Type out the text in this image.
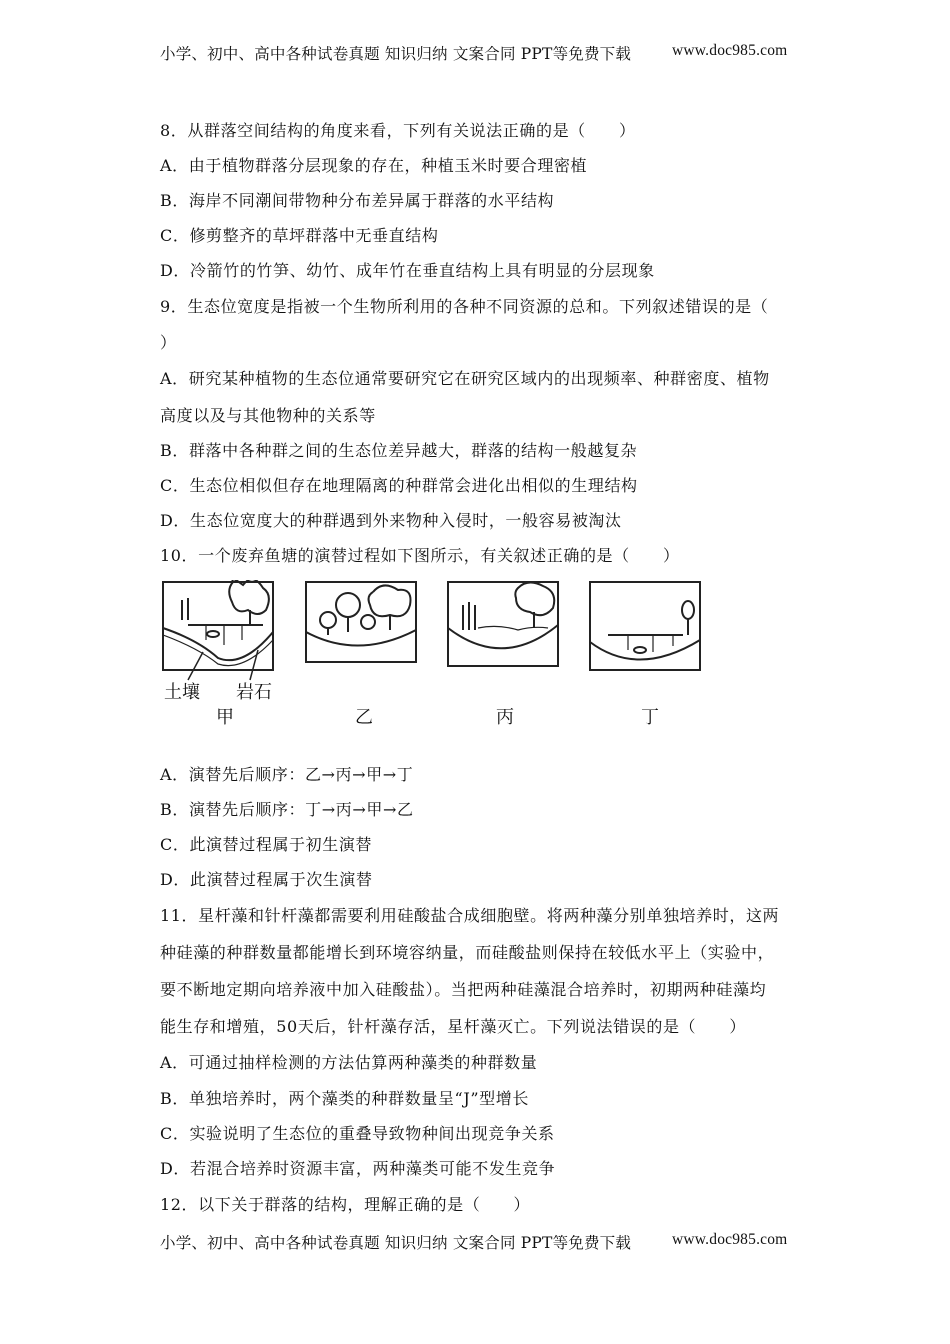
小学、初中、高中各种试卷真题 知识归纳 文案合同 PPT等免费下载	www.doc985.com
8．从群落空间结构的角度来看，下列有关说法正确的是（　　）
A．由于植物群落分层现象的存在，种植玉米时要合理密植
B．海岸不同潮间带物种分布差异属于群落的水平结构
C．修剪整齐的草坪群落中无垂直结构
D．冷箭竹的竹笋、幼竹、成年竹在垂直结构上具有明显的分层现象
9．生态位宽度是指被一个生物所利用的各种不同资源的总和。下列叙述错误的是（
）
A．研究某种植物的生态位通常要研究它在研究区域内的出现频率、种群密度、植物
高度以及与其他物种的关系等
B．群落中各种群之间的生态位差异越大，群落的结构一般越复杂
C．生态位相似但存在地理隔离的种群常会进化出相似的生理结构
D．生态位宽度大的种群遇到外来物种入侵时，一般容易被淘汰
10．一个废弃鱼塘的演替过程如下图所示，有关叙述正确的是（　　）
土壤 岩石
甲	乙	丙	丁
A．演替先后顺序：乙→丙→甲→丁
B．演替先后顺序：丁→丙→甲→乙
C．此演替过程属于初生演替
D．此演替过程属于次生演替
11．星杆藻和针杆藻都需要利用硅酸盐合成细胞壁。将两种藻分别单独培养时，这两
种硅藻的种群数量都能增长到环境容纳量，而硅酸盐则保持在较低水平上（实验中，
要不断地定期向培养液中加入硅酸盐）。当把两种硅藻混合培养时，初期两种硅藻均
能生存和增殖，50天后，针杆藻存活，星杆藻灭亡。下列说法错误的是（　　）
A．可通过抽样检测的方法估算两种藻类的种群数量
B．单独培养时，两个藻类的种群数量呈“J”型增长
C．实验说明了生态位的重叠导致物种间出现竞争关系
D．若混合培养时资源丰富，两种藻类可能不发生竞争
12．以下关于群落的结构，理解正确的是（　　）
小学、初中、高中各种试卷真题 知识归纳 文案合同 PPT等免费下载	www.doc985.com
